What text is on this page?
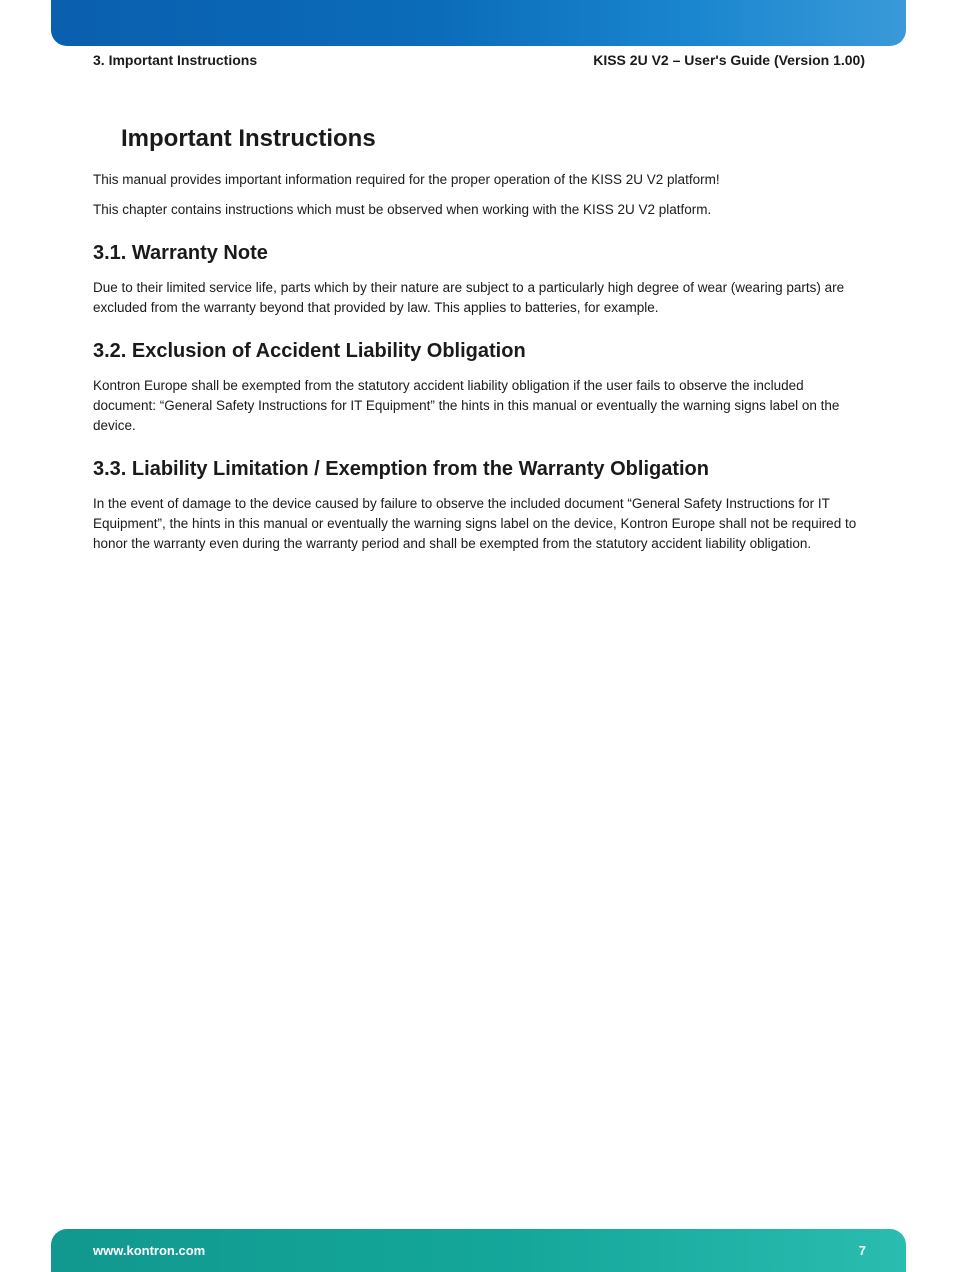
3. Important Instructions	KISS 2U V2 – User's Guide (Version 1.00)
Important Instructions

This manual provides important information required for the proper operation of the KISS 2U V2 platform!

This chapter contains instructions which must be observed when working with the KISS 2U V2 platform.

3.1. Warranty Note

Due to their limited service life, parts which by their nature are subject to a particularly high degree of wear (wearing parts) are excluded from the warranty beyond that provided by law. This applies to batteries, for example.

3.2. Exclusion of Accident Liability Obligation

Kontron Europe shall be exempted from the statutory accident liability obligation if the user fails to observe the included document: “General Safety Instructions for IT Equipment” the hints in this manual or eventually the warning signs label on the device.

3.3. Liability Limitation / Exemption from the Warranty Obligation

In the event of damage to the device caused by failure to observe the included document “General Safety Instructions for IT Equipment”, the hints in this manual or eventually the warning signs label on the device, Kontron Europe shall not be required to honor the warranty even during the warranty period and shall be exempted from the statutory accident liability obligation.

www.kontron.com	7
